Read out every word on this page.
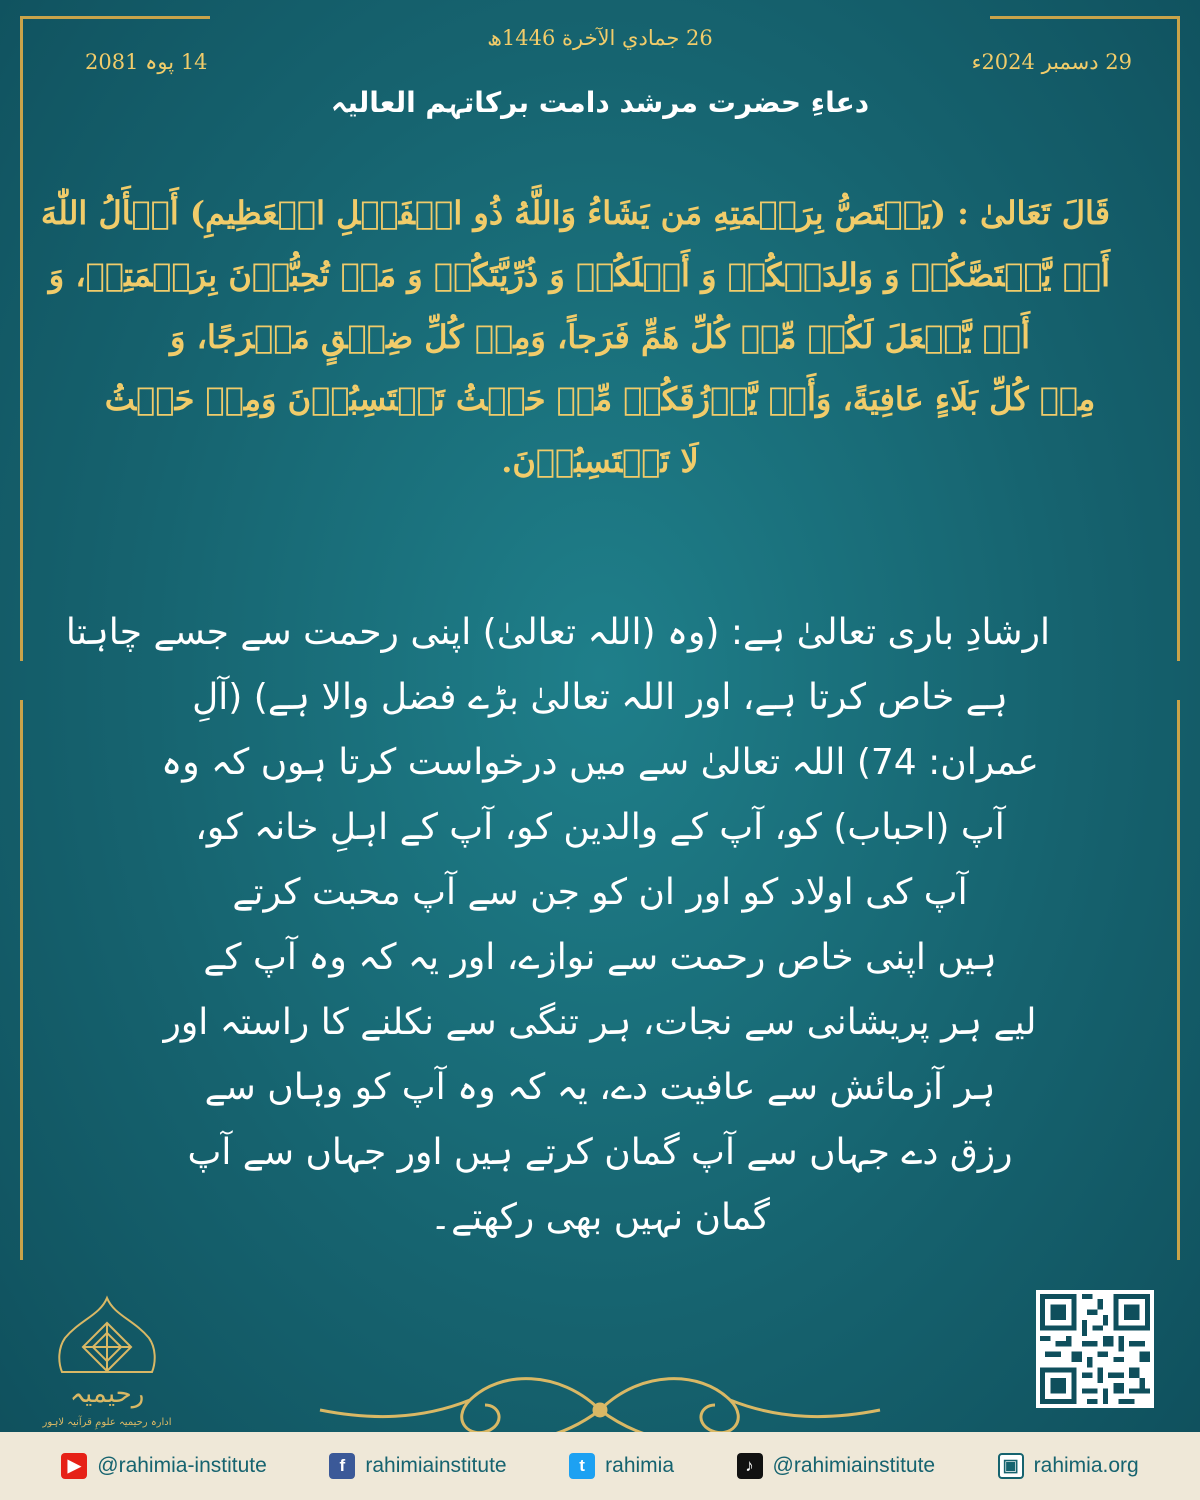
26 جمادي الآخرة 1446ھ
29 دسمبر 2024ء
14 پوہ 2081
دعاءِ حضرت مرشد دامت برکاتہم العالیہ
قَالَ تَعَالیٰ : (یَخۡتَصُّ بِرَحۡمَتِهِ مَن یَشَاءُ وَاللَّهُ ذُو الۡفَضۡلِ الۡعَظِیمِ) أَسۡأَلُ اللّٰهَ
أَنۡ یَّخۡتَصَّکُمۡ وَ وَالِدَیۡکُمۡ وَ أَهۡلَکُمۡ وَ ذُرِّیَّتَکُمۡ وَ مَنۡ تُحِبُّوۡنَ بِرَحۡمَتِهٖ، وَ
أَنۡ یَّجۡعَلَ لَکُمۡ مِّنۡ کُلِّ هَمٍّ فَرَجاً، وَمِنۡ کُلِّ ضِیۡقٍ مَخۡرَجًا، وَ
مِنۡ کُلِّ بَلَاءٍ عَافِیَةً، وَأَنۡ یَّرۡزُقَکُمۡ مِّنۡ حَیۡثُ تَحۡتَسِبُوۡنَ وَمِنۡ حَیۡثُ
لَا تَحۡتَسِبُوۡنَ.
ارشادِ باری تعالیٰ ہے: (وہ (اللہ تعالیٰ) اپنی رحمت سے جسے چاہتا
ہے خاص کرتا ہے، اور اللہ تعالیٰ بڑے فضل والا ہے) (آلِ
عمران: 74) اللہ تعالیٰ سے میں درخواست کرتا ہوں کہ وہ
آپ (احباب) کو، آپ کے والدین کو، آپ کے اہلِ خانہ کو،
آپ کی اولاد کو اور ان کو جن سے آپ محبت کرتے
ہیں اپنی خاص رحمت سے نوازے، اور یہ کہ وہ آپ کے
لیے ہر پریشانی سے نجات، ہر تنگی سے نکلنے کا راستہ اور
ہر آزمائش سے عافیت دے، یہ کہ وہ آپ کو وہاں سے
رزق دے جہاں سے آپ گمان کرتے ہیں اور جہاں سے آپ
گمان نہیں بھی رکھتے۔
رحیمیہ
ادارہ رحیمیہ علومِ قرآنیہ لاہور
▶ @rahimia-institute	f rahimiainstitute	t rahimia	♪ @rahimiainstitute	▣ rahimia.org
